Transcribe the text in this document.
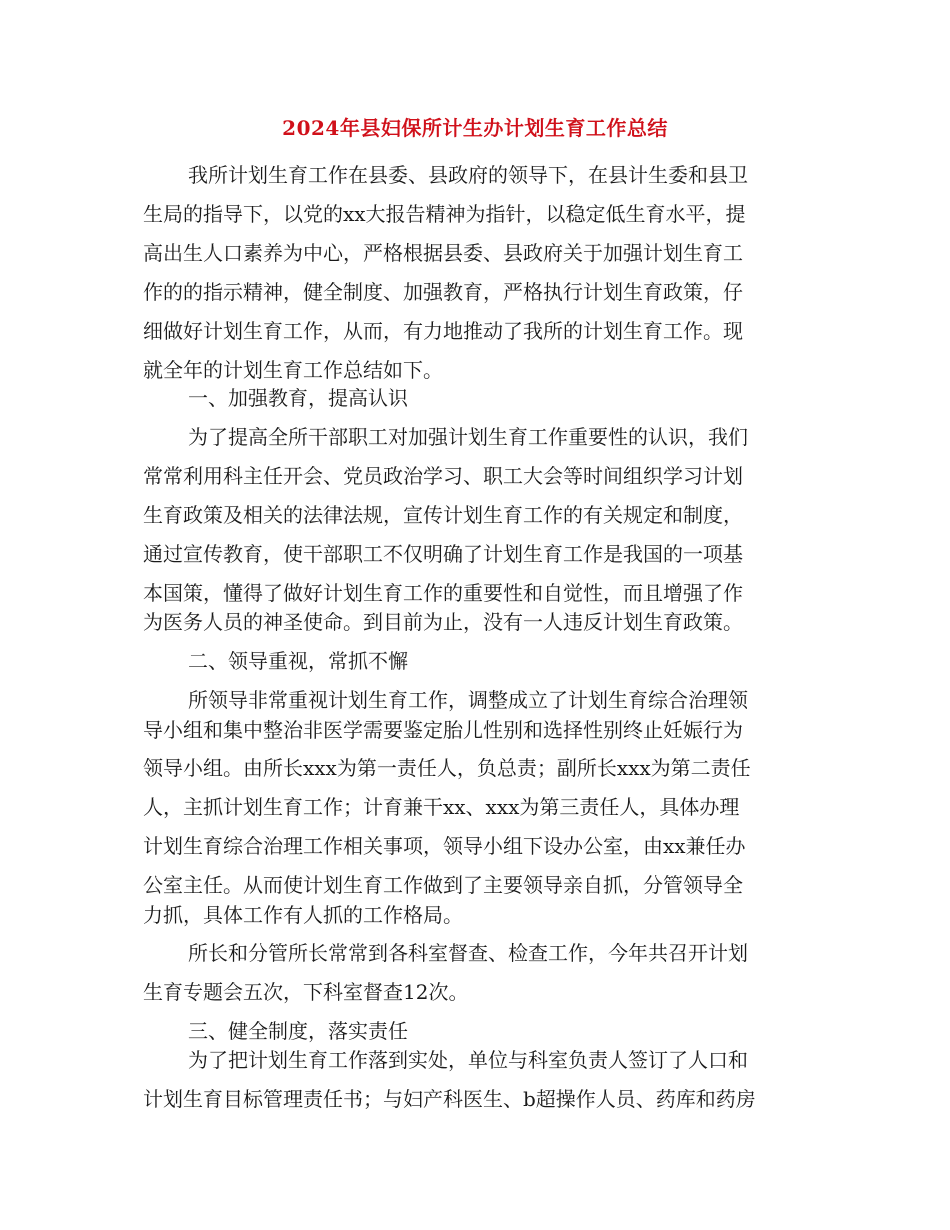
2024年县妇保所计生办计划生育工作总结
我所计划生育工作在县委、县政府的领导下，在县计生委和县卫
生局的指导下，以党的xx大报告精神为指针，以稳定低生育水平，提
高出生人口素养为中心，严格根据县委、县政府关于加强计划生育工
作的的指示精神，健全制度、加强教育，严格执行计划生育政策，仔
细做好计划生育工作，从而，有力地推动了我所的计划生育工作。现
就全年的计划生育工作总结如下。
一、加强教育，提高认识
为了提高全所干部职工对加强计划生育工作重要性的认识，我们
常常利用科主任开会、党员政治学习、职工大会等时间组织学习计划
生育政策及相关的法律法规，宣传计划生育工作的有关规定和制度，
通过宣传教育，使干部职工不仅明确了计划生育工作是我国的一项基
本国策，懂得了做好计划生育工作的重要性和自觉性，而且增强了作
为医务人员的神圣使命。到目前为止，没有一人违反计划生育政策。
二、领导重视，常抓不懈
所领导非常重视计划生育工作，调整成立了计划生育综合治理领
导小组和集中整治非医学需要鉴定胎儿性别和选择性别终止妊娠行为
领导小组。由所长xxx为第一责任人，负总责；副所长xxx为第二责任
人，主抓计划生育工作；计育兼干xx、xxx为第三责任人，具体办理
计划生育综合治理工作相关事项，领导小组下设办公室，由xx兼任办
公室主任。从而使计划生育工作做到了主要领导亲自抓，分管领导全
力抓，具体工作有人抓的工作格局。
所长和分管所长常常到各科室督查、检查工作，今年共召开计划
生育专题会五次，下科室督查12次。
三、健全制度，落实责任
为了把计划生育工作落到实处，单位与科室负责人签订了人口和
计划生育目标管理责任书；与妇产科医生、b超操作人员、药库和药房
